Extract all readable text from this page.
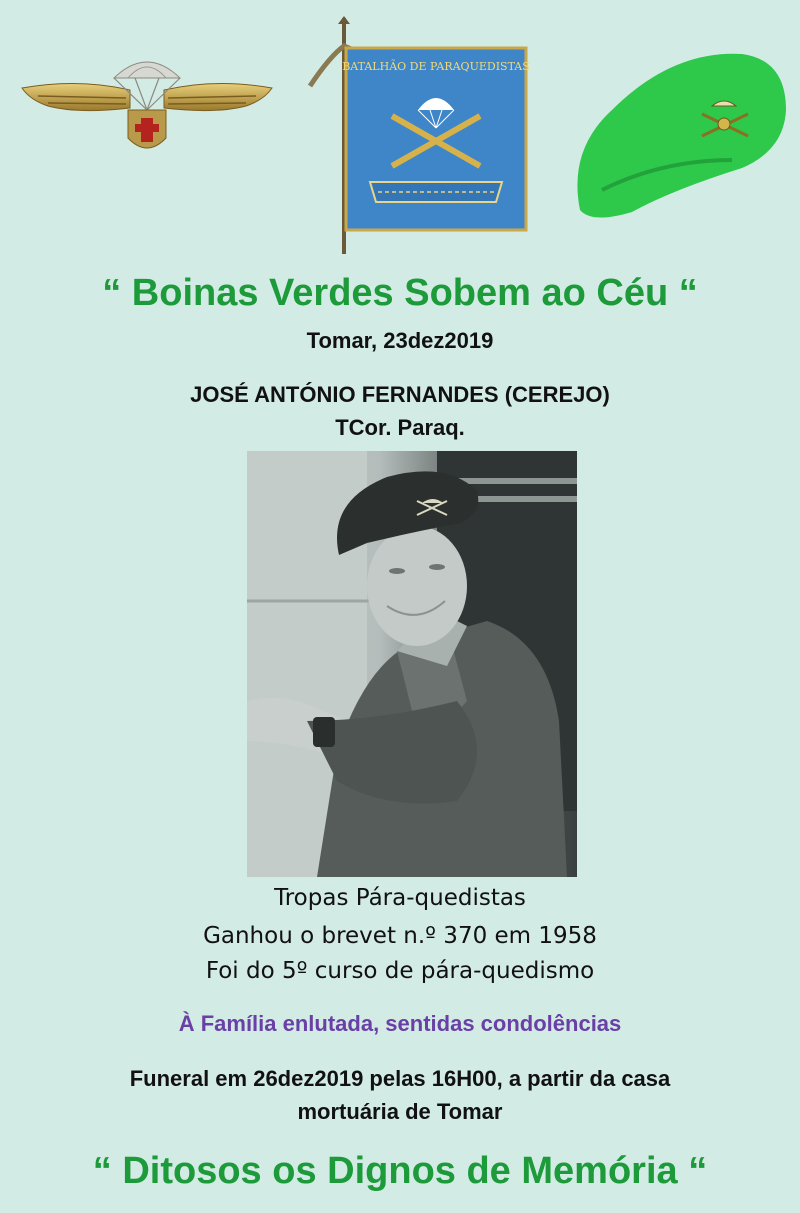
BATALHÃO DE PARAQUEDISTAS
“ Boinas Verdes Sobem ao Céu “
Tomar, 23dez2019
JOSÉ ANTÓNIO FERNANDES (CEREJO)
TCor. Paraq.
Tropas Pára-quedistas
Ganhou o brevet n.º 370 em 1958
Foi do 5º curso de pára-quedismo
À Família enlutada, sentidas condolências
Funeral em 26dez2019 pelas 16H00, a partir da casa
mortuária de Tomar
“ Ditosos os Dignos de Memória “
